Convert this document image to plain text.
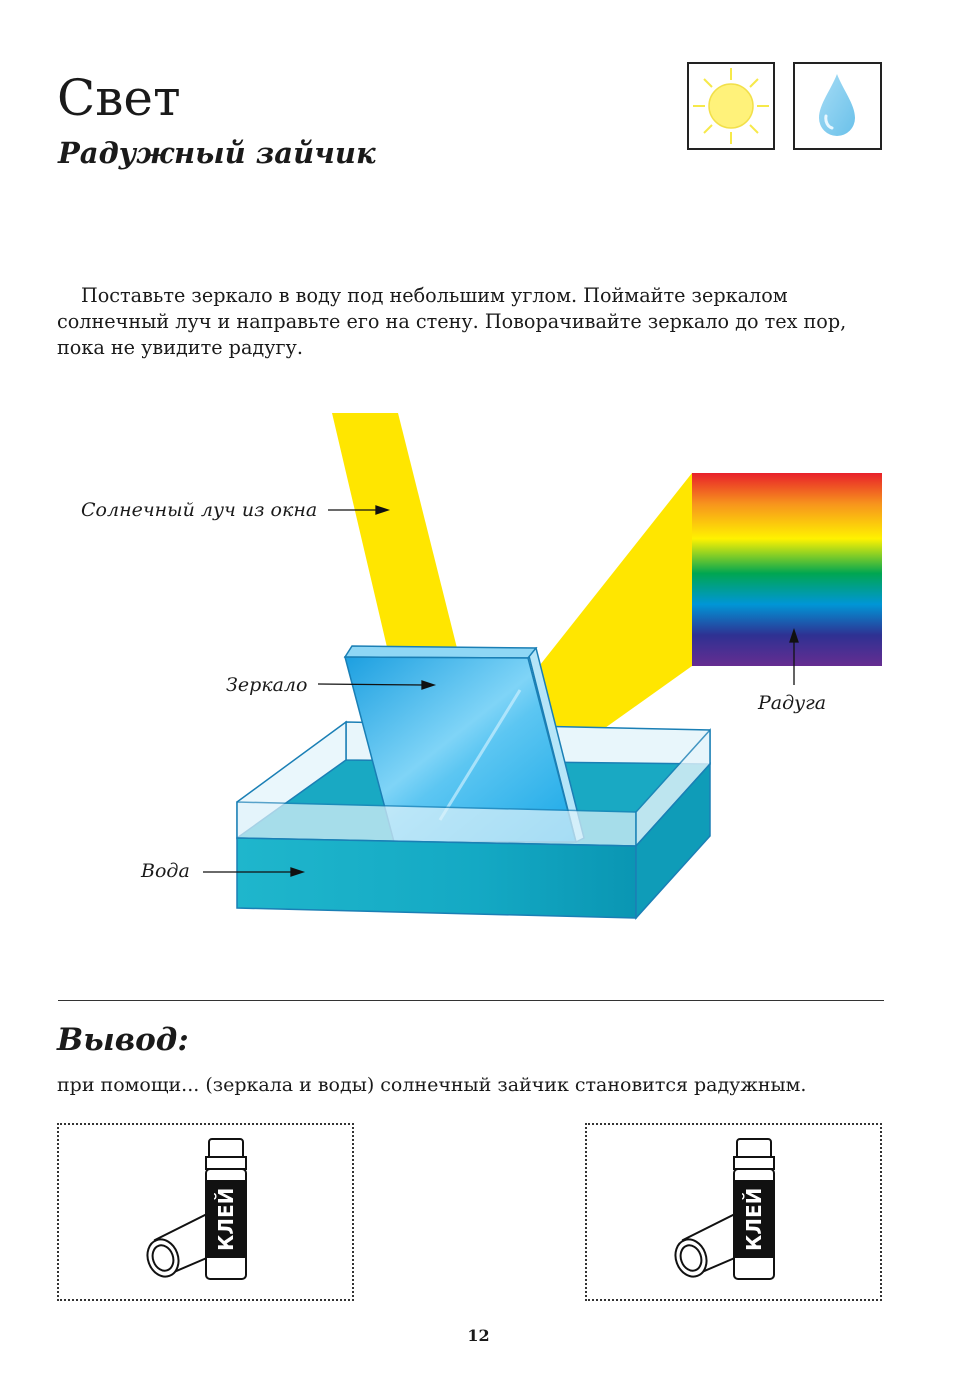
Свет
Радужный зайчик

Поставьте зеркало в воду под небольшим углом. Поймайте зеркалом солнечный луч и направьте его на стену. Поворачивайте зеркало до тех пор, пока не увидите радугу.

Солнечный луч из окна
Зеркало
Радуга
Вода
Вывод:

при помощи... (зеркала и воды) солнечный зайчик становится радужным.

КЛЕЙ	КЛЕЙ
12
